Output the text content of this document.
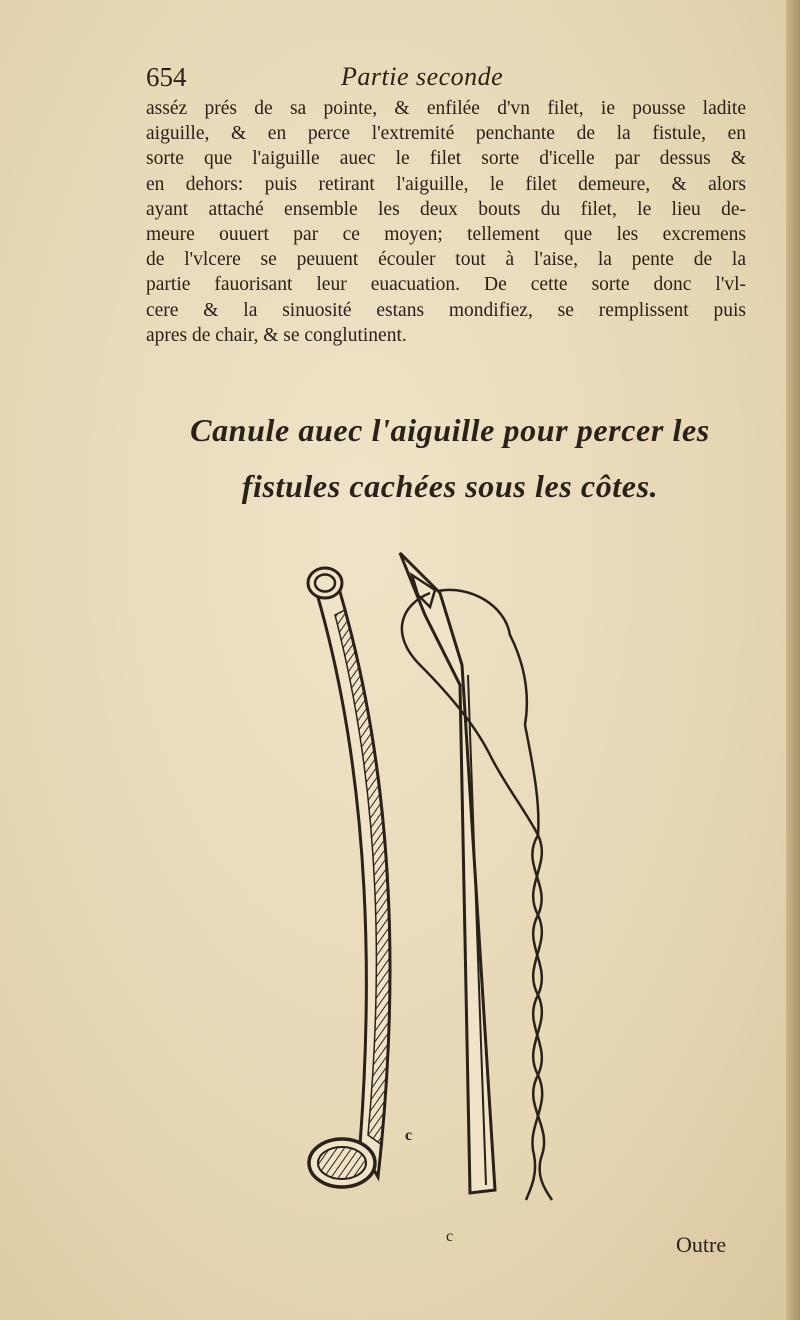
654	Partie seconde
asséz prés de sa pointe, & enfilée d'vn filet, ie pousse ladite
aiguille, & en perce l'extremité penchante de la fistule, en
sorte que l'aiguille auec le filet sorte d'icelle par dessus &
en dehors: puis retirant l'aiguille, le filet demeure, & alors
ayant attaché ensemble les deux bouts du filet, le lieu de-
meure ouuert par ce moyen; tellement que les excremens
de l'vlcere se peuuent écouler tout à l'aise, la pente de la
partie fauorisant leur euacuation. De cette sorte donc l'vl-
cere & la sinuosité estans mondifiez, se remplissent puis
apres de chair, & se conglutinent.
Canule auec l'aiguille pour percer les
fistules cachées sous les côtes.
c
c	Outre
